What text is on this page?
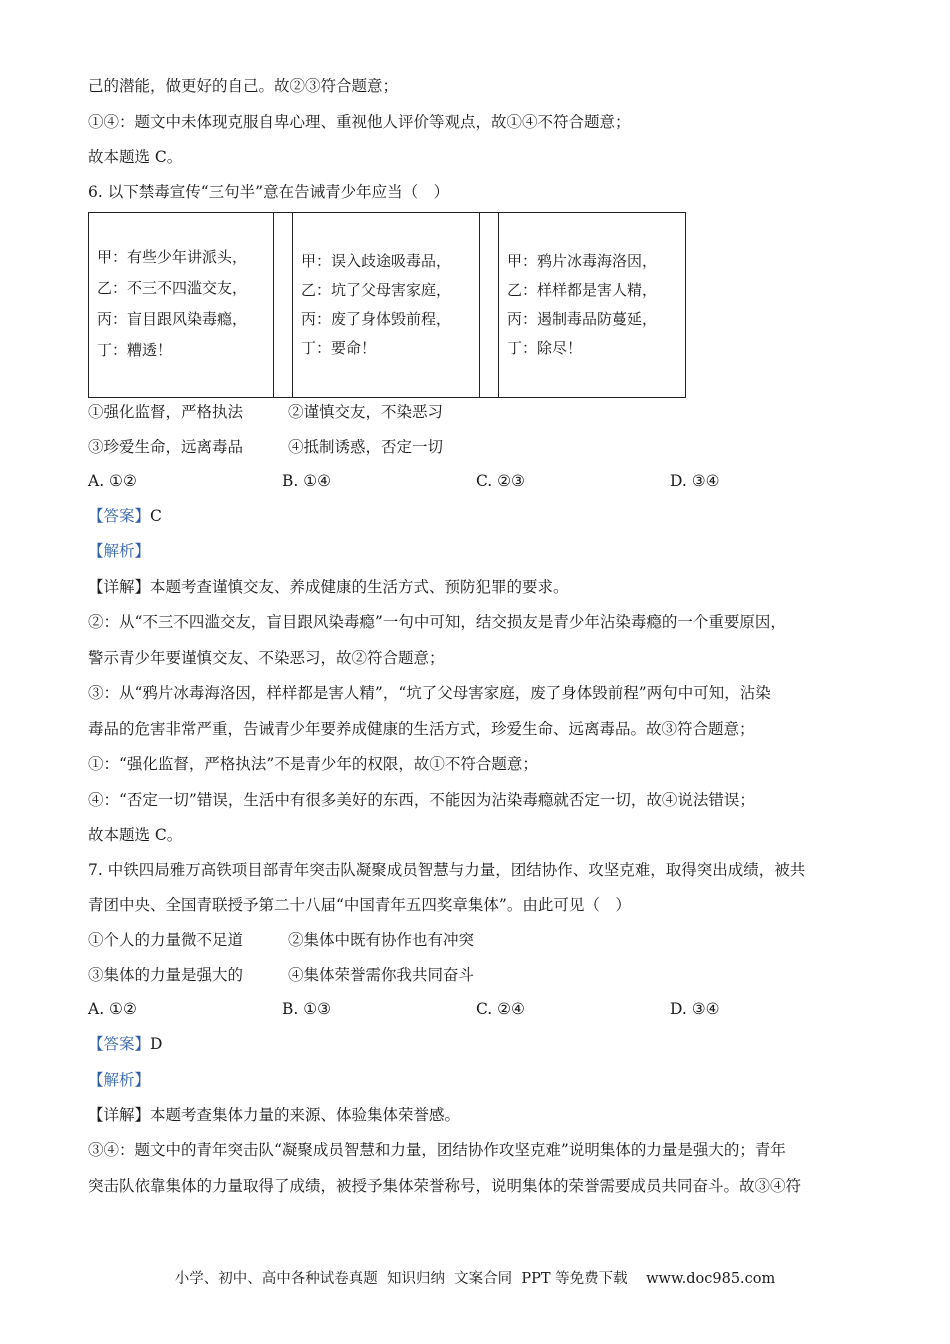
己的潜能，做更好的自己。故②③符合题意；
①④：题文中未体现克服自卑心理、重视他人评价等观点，故①④不符合题意；
故本题选 C。
6. 以下禁毒宣传“三句半”意在告诫青少年应当（　）
甲：有些少年讲派头，
乙：不三不四滥交友，
丙：盲目跟风染毒瘾，
丁：糟透！

甲：误入歧途吸毒品，
乙：坑了父母害家庭，
丙：废了身体毁前程，
丁：要命！

甲：鸦片冰毒海洛因，
乙：样样都是害人精，
丙：遏制毒品防蔓延，
丁：除尽！
①强化监督，严格执法	②谨慎交友，不染恶习
③珍爱生命，远离毒品	④抵制诱惑，否定一切
A. ①②	B. ①④	C. ②③	D. ③④
【答案】C
【解析】
【详解】本题考查谨慎交友、养成健康的生活方式、预防犯罪的要求。
②：从“不三不四滥交友，盲目跟风染毒瘾”一句中可知，结交损友是青少年沾染毒瘾的一个重要原因，
警示青少年要谨慎交友、不染恶习，故②符合题意；
③：从“鸦片冰毒海洛因，样样都是害人精”，“坑了父母害家庭，废了身体毁前程”两句中可知，沾染
毒品的危害非常严重，告诫青少年要养成健康的生活方式，珍爱生命、远离毒品。故③符合题意；
①：“强化监督，严格执法”不是青少年的权限，故①不符合题意；
④：“否定一切”错误，生活中有很多美好的东西，不能因为沾染毒瘾就否定一切，故④说法错误；
故本题选 C。
7. 中铁四局雅万高铁项目部青年突击队凝聚成员智慧与力量，团结协作、攻坚克难，取得突出成绩，被共
青团中央、全国青联授予第二十八届“中国青年五四奖章集体”。由此可见（　）
①个人的力量微不足道	②集体中既有协作也有冲突
③集体的力量是强大的	④集体荣誉需你我共同奋斗
A. ①②	B. ①③	C. ②④	D. ③④
【答案】D
【解析】
【详解】本题考查集体力量的来源、体验集体荣誉感。
③④：题文中的青年突击队“凝聚成员智慧和力量，团结协作攻坚克难”说明集体的力量是强大的；青年
突击队依靠集体的力量取得了成绩，被授予集体荣誉称号，说明集体的荣誉需要成员共同奋斗。故③④符
小学、初中、高中各种试卷真题  知识归纳  文案合同  PPT 等免费下载    www.doc985.com
